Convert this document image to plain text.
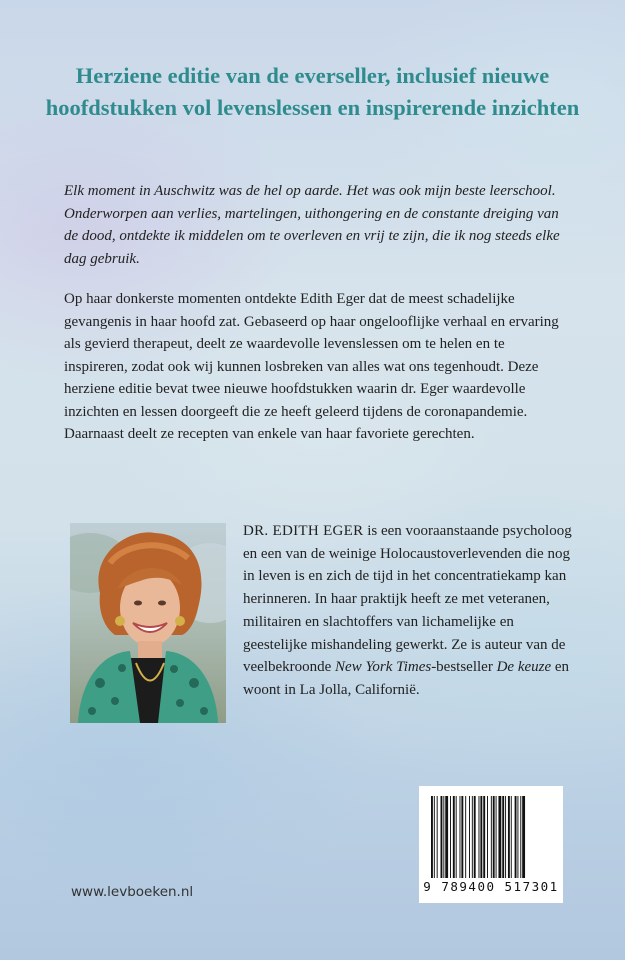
Herziene editie van de everseller, inclusief nieuwe hoofdstukken vol levenslessen en inspirerende inzichten
Elk moment in Auschwitz was de hel op aarde. Het was ook mijn beste leerschool. Onderworpen aan verlies, martelingen, uithongering en de constante dreiging van de dood, ontdekte ik middelen om te overleven en vrij te zijn, die ik nog steeds elke dag gebruik.
Op haar donkerste momenten ontdekte Edith Eger dat de meest schadelijke gevangenis in haar hoofd zat. Gebaseerd op haar ongelooflijke verhaal en ervaring als gevierd therapeut, deelt ze waardevolle levenslessen om te helen en te inspireren, zodat ook wij kunnen losbreken van alles wat ons tegenhoudt. Deze herziene editie bevat twee nieuwe hoofdstukken waarin dr. Eger waardevolle inzichten en lessen doorgeeft die ze heeft geleerd tijdens de coronapandemie. Daarnaast deelt ze recepten van enkele van haar favoriete gerechten.
DR. EDITH EGER is een vooraanstaande psycholoog en een van de weinige Holocaustoverlevenden die nog in leven is en zich de tijd in het concentratiekamp kan herinneren. In haar praktijk heeft ze met veteranen, militairen en slachtoffers van lichamelijke en geestelijke mishandeling gewerkt. Ze is auteur van de veelbekroonde New York Times-bestseller De keuze en woont in La Jolla, Californië.
9 789400 517301
www.levboeken.nl
